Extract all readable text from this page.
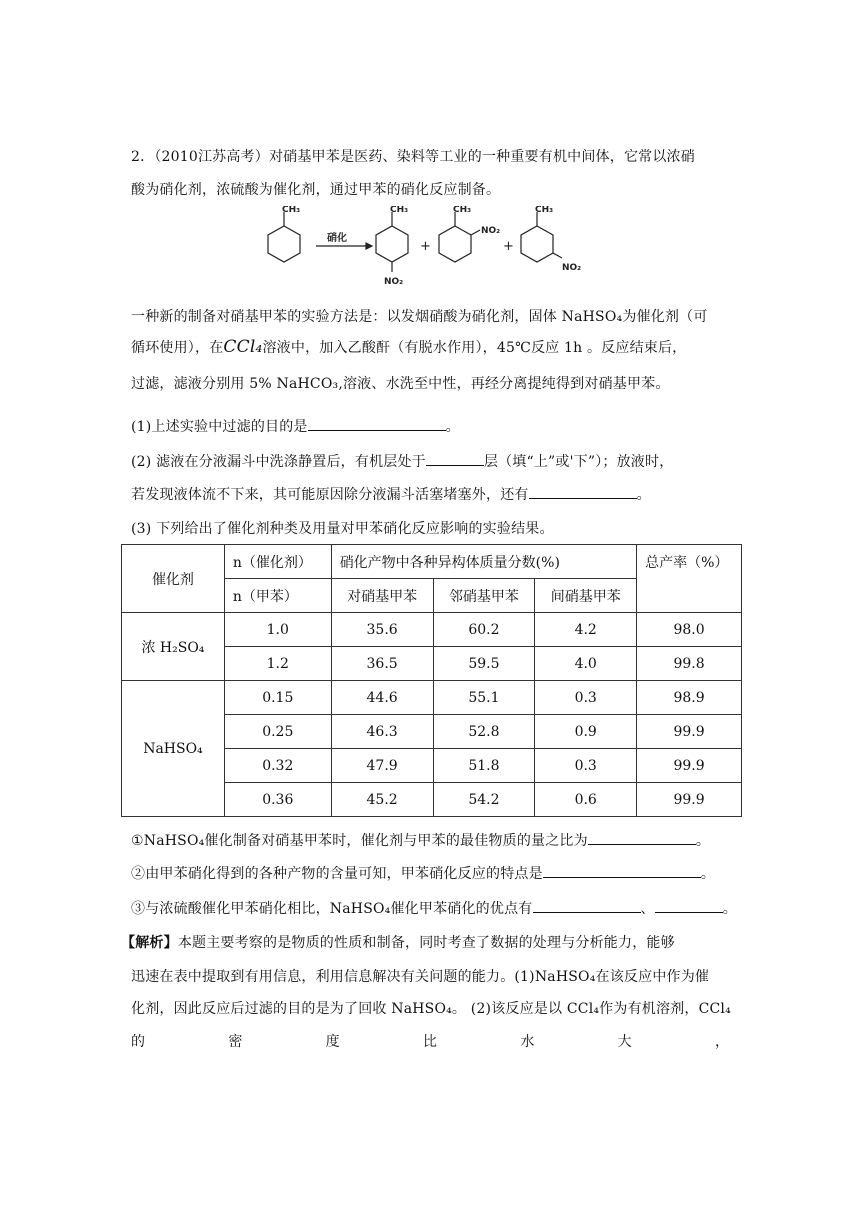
2．（2010江苏高考）对硝基甲苯是医药、染料等工业的一种重要有机中间体，它常以浓硝
酸为硝化剂，浓硫酸为催化剂，通过甲苯的硝化反应制备。
CH₃
硝化
CH₃
NO₂
+
CH₃
NO₂
+
CH₃
NO₂
一种新的制备对硝基甲苯的实验方法是：以发烟硝酸为硝化剂，固体 NaHSO₄为催化剂（可
循环使用），在CCl₄溶液中，加入乙酸酐（有脱水作用），45℃反应 1h 。反应结束后，
过滤，滤液分别用 5% NaHCO₃,溶液、水洗至中性，再经分离提纯得到对硝基甲苯。
(1)上述实验中过滤的目的是	。
(2) 滤液在分液漏斗中洗涤静置后，有机层处于	层（填“上”或'下”）；放液时，
若发现液体流不下来，其可能原因除分液漏斗活塞堵塞外，还有	。
(3) 下列给出了催化剂种类及用量对甲苯硝化反应影响的实验结果。
催化剂	n（催化剂）	硝化产物中各种异构体质量分数(%)			总产率（%）
	n（甲苯）	对硝基甲苯	邻硝基甲苯	间硝基甲苯	
浓 H₂SO₄	1.0	35.6	60.2	4.2	98.0
	1.2	36.5	59.5	4.0	99.8
NaHSO₄	0.15	44.6	55.1	0.3	98.9
	0.25	46.3	52.8	0.9	99.9
	0.32	47.9	51.8	0.3	99.9
	0.36	45.2	54.2	0.6	99.9
①NaHSO₄催化制备对硝基甲苯时，催化剂与甲苯的最佳物质的量之比为	。
②由甲苯硝化得到的各种产物的含量可知，甲苯硝化反应的特点是	。
③与浓硫酸催化甲苯硝化相比，NaHSO₄催化甲苯硝化的优点有	、	。
【解析】本题主要考察的是物质的性质和制备，同时考查了数据的处理与分析能力，能够
迅速在表中提取到有用信息，利用信息解决有关问题的能力。(1)NaHSO₄在该反应中作为催
化剂，因此反应后过滤的目的是为了回收 NaHSO₄。 (2)该反应是以 CCl₄作为有机溶剂，CCl₄
的	密	度	比	水	大	，
